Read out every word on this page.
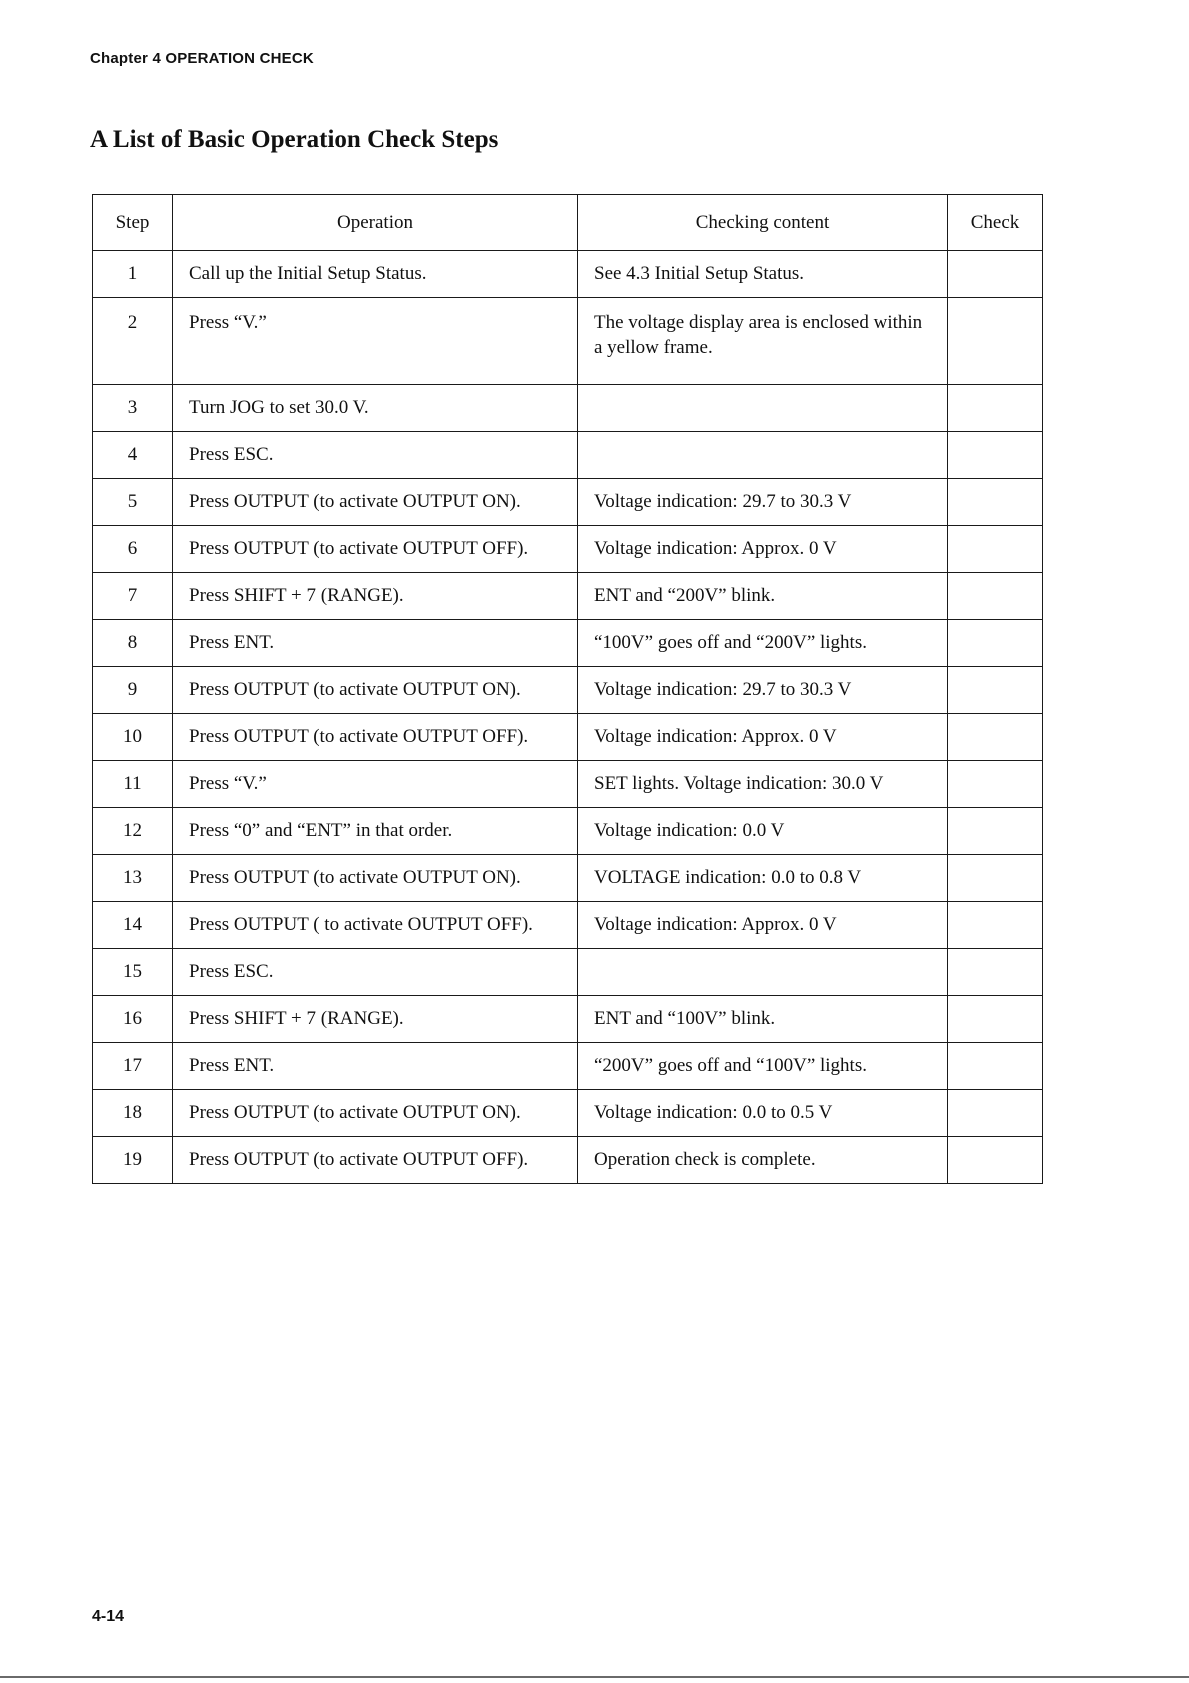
Chapter 4 OPERATION CHECK
A List of Basic Operation Check Steps
Step	Operation	Checking content	Check
1	Call up the Initial Setup Status.	See 4.3 Initial Setup Status.	
2	Press “V.”	The voltage display area is enclosed within a yellow frame.	
3	Turn JOG to set 30.0 V.		
4	Press ESC.		
5	Press OUTPUT (to activate OUTPUT ON).	Voltage indication: 29.7 to 30.3 V	
6	Press OUTPUT (to activate OUTPUT OFF).	Voltage indication: Approx. 0 V	
7	Press SHIFT + 7 (RANGE).	ENT and “200V” blink.	
8	Press ENT.	“100V” goes off and “200V” lights.	
9	Press OUTPUT (to activate OUTPUT ON).	Voltage indication: 29.7 to 30.3 V	
10	Press OUTPUT (to activate OUTPUT OFF).	Voltage indication: Approx. 0 V	
11	Press “V.”	SET lights. Voltage indication: 30.0 V	
12	Press “0” and “ENT” in that order.	Voltage indication: 0.0 V	
13	Press OUTPUT (to activate OUTPUT ON).	VOLTAGE indication: 0.0 to 0.8 V	
14	Press OUTPUT ( to activate OUTPUT OFF).	Voltage indication: Approx. 0 V	
15	Press ESC.		
16	Press SHIFT + 7 (RANGE).	ENT and “100V” blink.	
17	Press ENT.	“200V” goes off and “100V” lights.	
18	Press OUTPUT (to activate OUTPUT ON).	Voltage indication: 0.0 to 0.5 V	
19	Press OUTPUT (to activate OUTPUT OFF).	Operation check is complete.	
4-14
